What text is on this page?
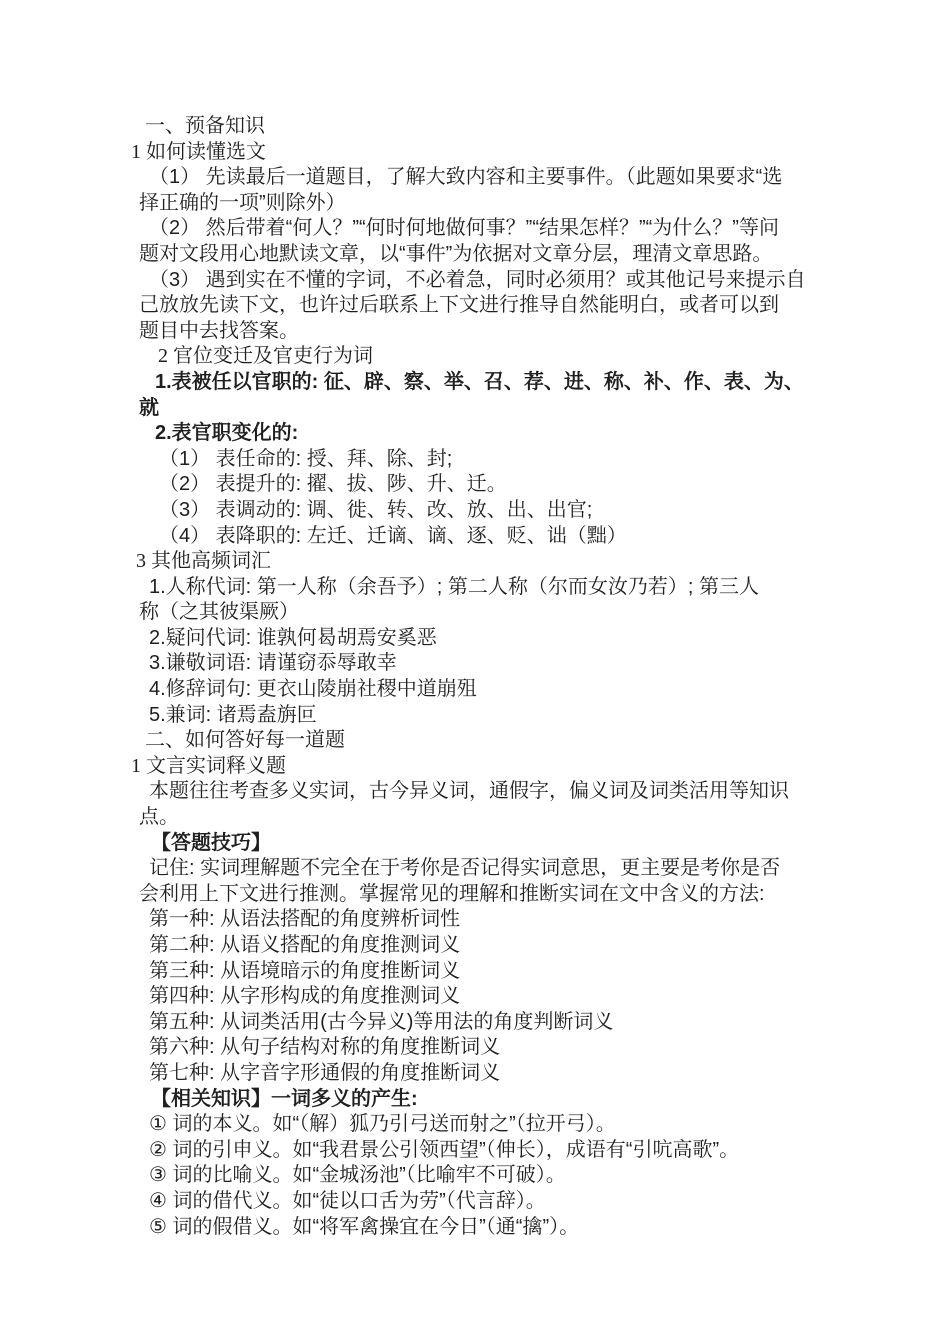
一、预备知识
1 如何读懂选文
（1） 先读最后一道题目，了解大致内容和主要事件。（此题如果要求“选
择正确的一项”则除外）
（2） 然后带着“何人？”“何时何地做何事？”“结果怎样？”“为什么？”等问
题对文段用心地默读文章，以“事件”为依据对文章分层，理清文章思路。
（3） 遇到实在不懂的字词，不必着急，同时必须用？或其他记号来提示自
己放放先读下文，也许过后联系上下文进行推导自然能明白，或者可以到
题目中去找答案。
2 官位变迁及官吏行为词
1.表被任以官职的: 征、辟、察、举、召、荐、进、称、补、作、表、为、
就
2.表官职变化的:
（1） 表任命的: 授、拜、除、封;
（2） 表提升的: 擢、拔、陟、升、迁。
（3） 表调动的: 调、徙、转、改、放、出、出官;
（4） 表降职的: 左迁、迁谪、谪、逐、贬、诎（黜）
3 其他高频词汇
1.人称代词: 第一人称（余吾予）; 第二人称（尔而女汝乃若）; 第三人
称（之其彼渠厥）
2.疑问代词: 谁孰何曷胡焉安奚恶
3.谦敬词语: 请谨窃忝辱敢幸
4.修辞词句: 更衣山陵崩社稷中道崩殂
5.兼词: 诸焉盍旃叵
二、如何答好每一道题
1 文言实词释义题
本题往往考查多义实词，古今异义词，通假字，偏义词及词类活用等知识
点。
【答题技巧】
记住: 实词理解题不完全在于考你是否记得实词意思，更主要是考你是否
会利用上下文进行推测。掌握常见的理解和推断实词在文中含义的方法:
第一种: 从语法搭配的角度辨析词性
第二种: 从语义搭配的角度推测词义
第三种: 从语境暗示的角度推断词义
第四种: 从字形构成的角度推测词义
第五种: 从词类活用(古今异义)等用法的角度判断词义
第六种: 从句子结构对称的角度推断词义
第七种: 从字音字形通假的角度推断词义
【相关知识】一词多义的产生:
① 词的本义。如“（解）狐乃引弓送而射之”（拉开弓）。
② 词的引申义。如“我君景公引领西望”（伸长），成语有“引吭高歌”。
③ 词的比喻义。如“金城汤池”（比喻牢不可破）。
④ 词的借代义。如“徒以口舌为劳”（代言辞）。
⑤ 词的假借义。如“将军禽操宜在今日”（通“擒”）。
